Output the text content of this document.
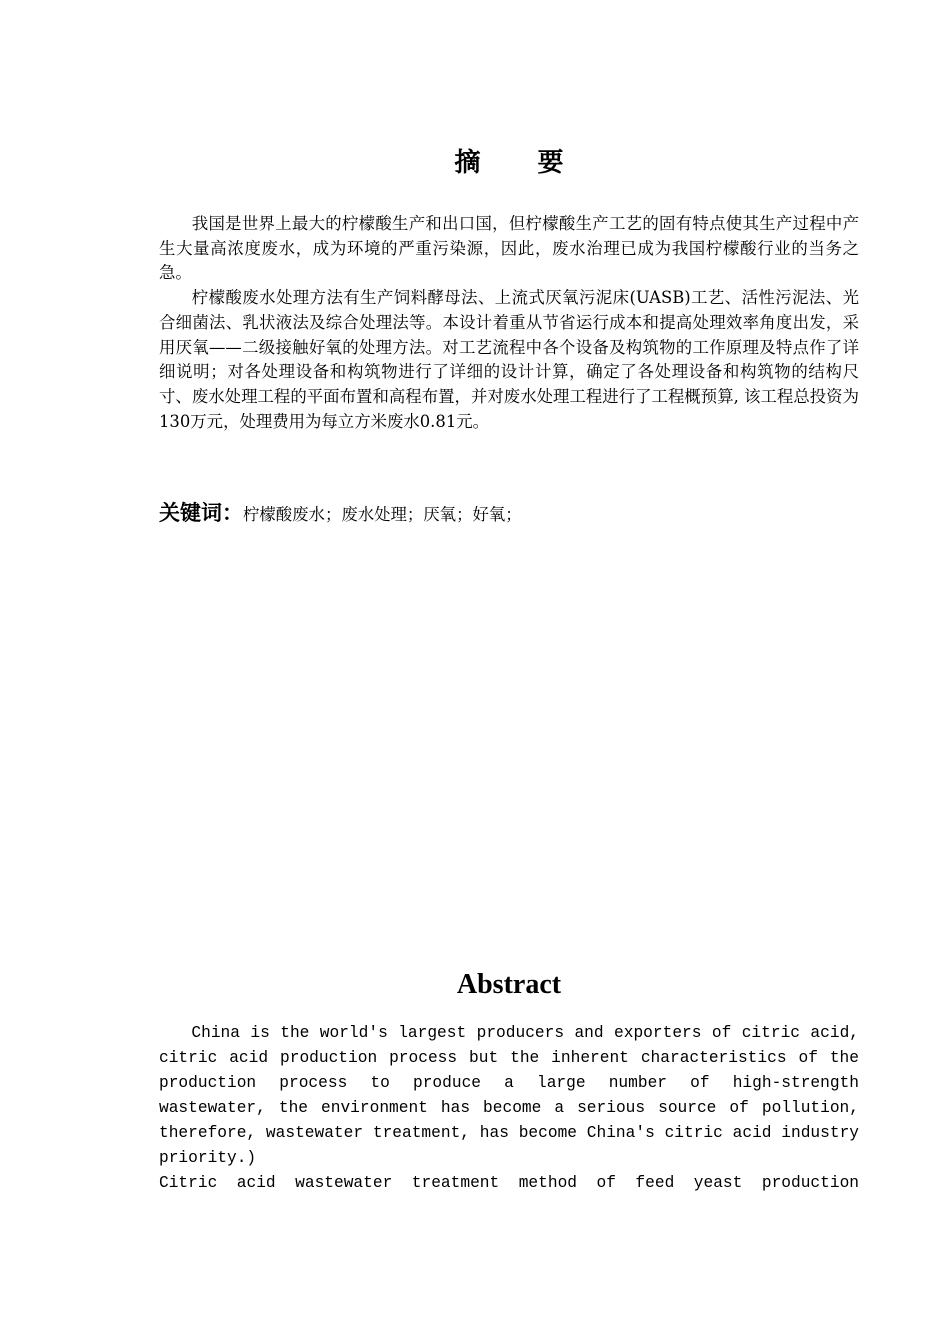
摘 要

我国是世界上最大的柠檬酸生产和出口国，但柠檬酸生产工艺的固有特点使其生产过程中产生大量高浓度废水，成为环境的严重污染源，因此，废水治理已成为我国柠檬酸行业的当务之急。

柠檬酸废水处理方法有生产饲料酵母法、上流式厌氧污泥床(UASB)工艺、活性污泥法、光合细菌法、乳状液法及综合处理法等。本设计着重从节省运行成本和提高处理效率角度出发，采用厌氧——二级接触好氧的处理方法。对工艺流程中各个设备及构筑物的工作原理及特点作了详细说明；对各处理设备和构筑物进行了详细的设计计算，确定了各处理设备和构筑物的结构尺寸、废水处理工程的平面布置和高程布置，并对废水处理工程进行了工程概预算, 该工程总投资为130万元，处理费用为每立方米废水0.81元。

关键词：柠檬酸废水；废水处理；厌氧；好氧；
Abstract

China is the world's largest producers and exporters of citric acid, citric acid production process but the inherent characteristics of the production process to produce a large number of high-strength wastewater, the environment has become a serious source of pollution, therefore, wastewater treatment, has become China's citric acid industry priority.)

Citric acid wastewater treatment method of feed yeast production
